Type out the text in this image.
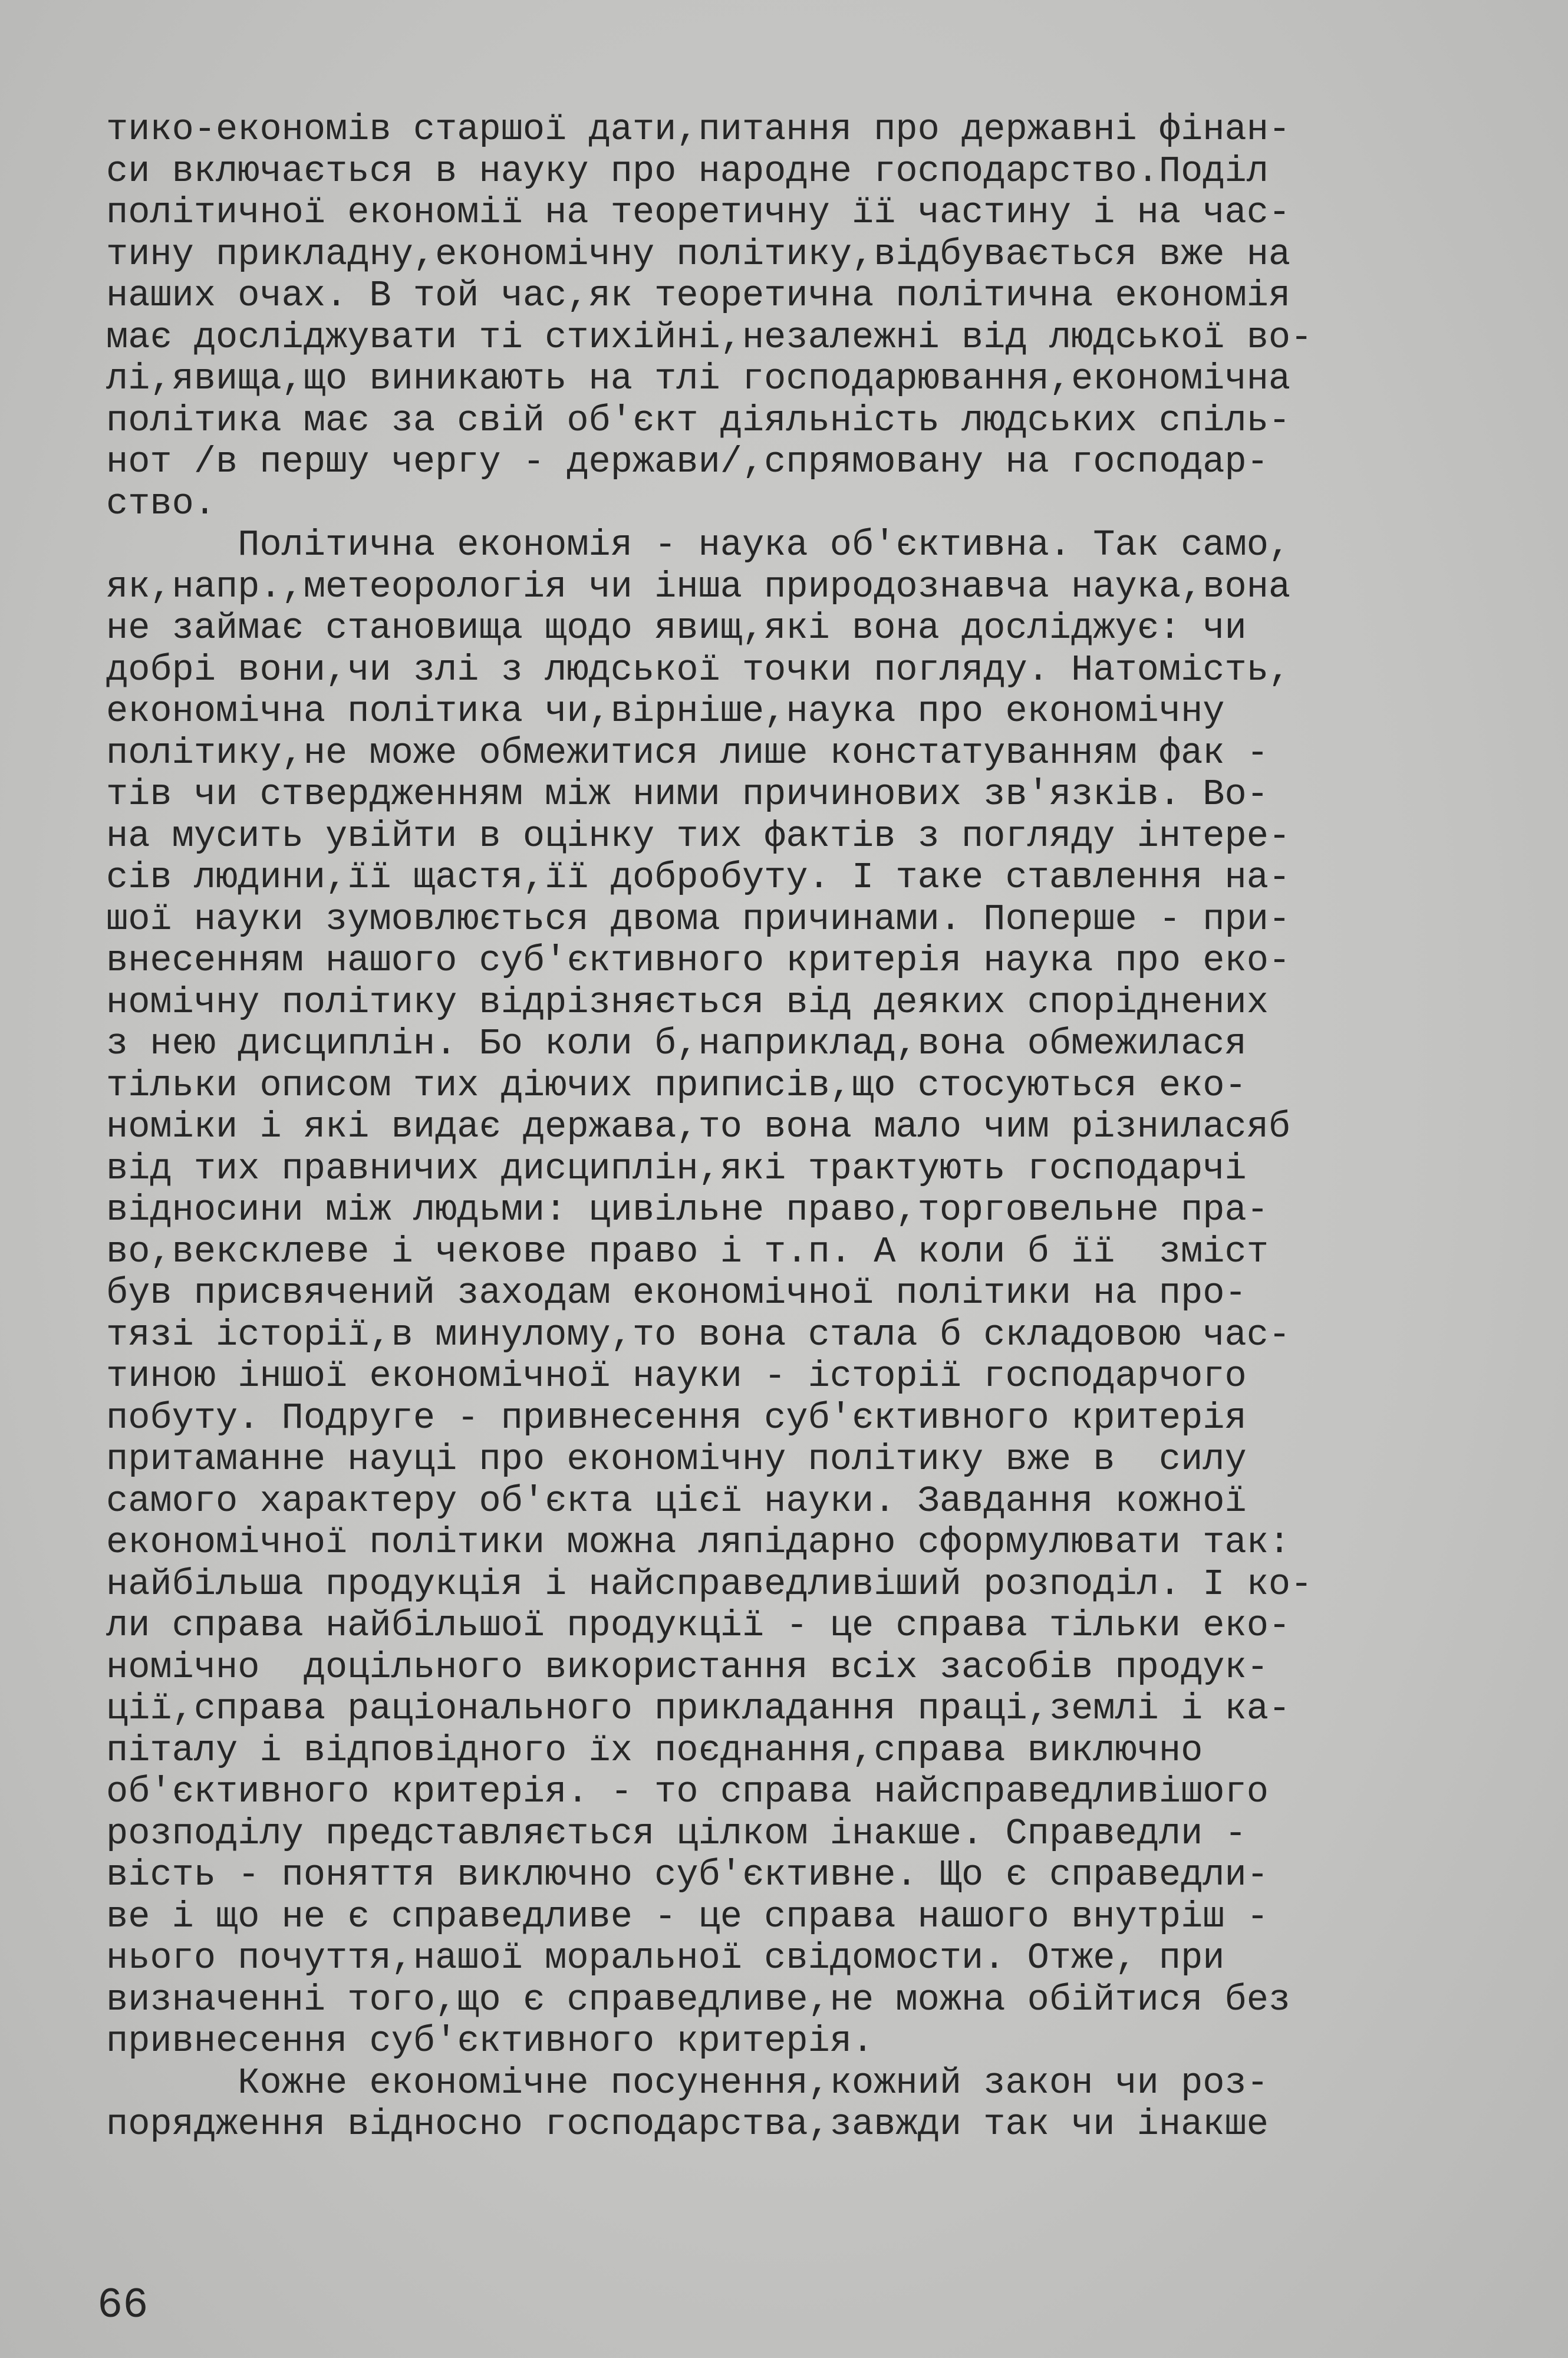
тико-економів старшої дати,питання про державні фінан-
си включається в науку про народне господарство.Поділ
політичної економії на теоретичну її частину і на час-
тину прикладну,економічну політику,відбувається вже на
наших очах. В той час,як теоретична політична економія
має досліджувати ті стихійні,незалежні від людської во-
лі,явища,що виникають на тлі господарювання,економічна
політика має за свій об'єкт діяльність людських спіль-
нот /в першу чергу - держави/,спрямовану на господар-
ство.
Політична економія - наука об'єктивна. Так само,
як,напр.,метеорологія чи інша природознавча наука,вона
не займає становища щодо явищ,які вона досліджує: чи
добрі вони,чи злі з людської точки погляду. Натомість,
економічна політика чи,вірніше,наука про економічну
політику,не може обмежитися лише констатуванням фак -
тів чи ствердженням між ними причинових зв'язків. Во-
на мусить увійти в оцінку тих фактів з погляду інтере-
сів людини,її щастя,її добробуту. І таке ставлення на-
шої науки зумовлюється двома причинами. Поперше - при-
внесенням нашого суб'єктивного критерія наука про еко-
номічну політику відрізняється від деяких споріднених
з нею дисциплін. Бо коли б,наприклад,вона обмежилася
тільки описом тих діючих приписів,що стосуються еко-
номіки і які видає держава,то вона мало чим різниласяб
від тих правничих дисциплін,які трактують господарчі
відносини між людьми: цивільне право,торговельне пра-
во,вексклеве і чекове право і т.п. А коли б її  зміст
був присвячений заходам економічної політики на про-
тязі історії,в минулому,то вона стала б складовою час-
тиною іншої економічної науки - історії господарчого
побуту. Подруге - привнесення суб'єктивного критерія
притаманне науці про економічну політику вже в  силу
самого характеру об'єкта цієї науки. Завдання кожної
економічної політики можна ляпідарно сформулювати так:
найбільша продукція і найсправедливіший розподіл. І ко-
ли справа найбільшої продукції - це справа тільки еко-
номічно  доцільного використання всіх засобів продук-
ції,справа раціонального прикладання праці,землі і ка-
піталу і відповідного їх поєднання,справа виключно
об'єктивного критерія. - то справа найсправедливішого
розподілу представляється цілком інакше. Справедли -
вість - поняття виключно суб'єктивне. Що є справедли-
ве і що не є справедливе - це справа нашого внутріш -
нього почуття,нашої моральної свідомости. Отже, при
визначенні того,що є справедливе,не можна обійтися без
привнесення суб'єктивного критерія.
Кожне економічне посунення,кожний закон чи роз-
порядження відносно господарства,завжди так чи інакше
66
